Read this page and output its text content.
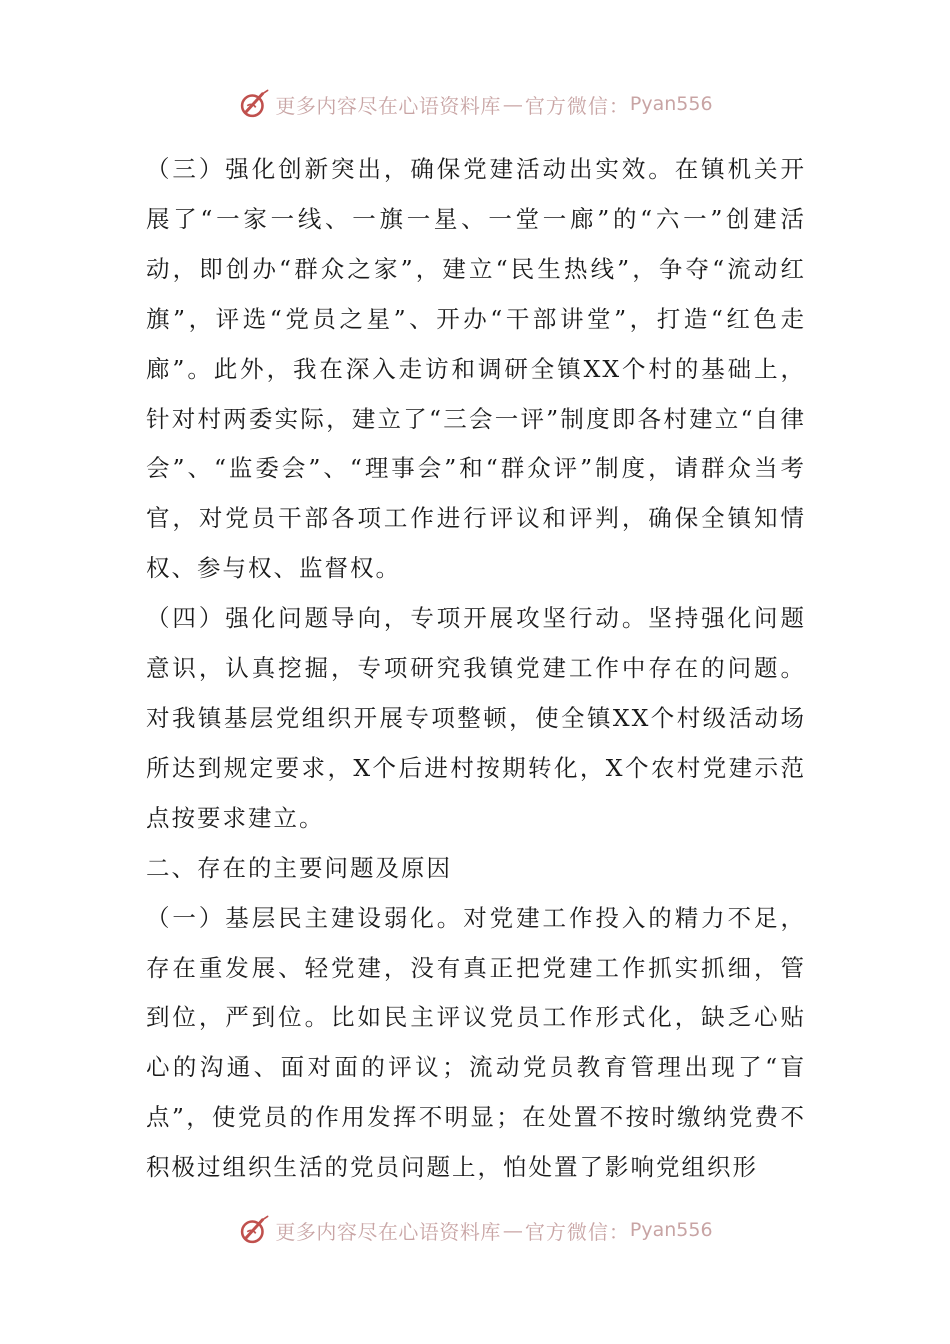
更多内容尽在心语资料库 — 官方微信： Pyan556

（三）强化创新突出，确保党建活动出实效。在镇机关开展了“一家一线、一旗一星、一堂一廊”的“六一”创建活动，即创办“群众之家”，建立“民生热线”，争夺“流动红旗”，评选“党员之星”、开办“干部讲堂”，打造“红色走廊”。此外，我在深入走访和调研全镇XX个村的基础上，针对村两委实际，建立了“三会一评”制度即各村建立“自律会”、“监委会”、“理事会”和“群众评”制度，请群众当考官，对党员干部各项工作进行评议和评判，确保全镇知情权、参与权、监督权。

（四）强化问题导向，专项开展攻坚行动。坚持强化问题意识，认真挖掘，专项研究我镇党建工作中存在的问题。对我镇基层党组织开展专项整顿，使全镇XX个村级活动场所达到规定要求，X个后进村按期转化，X个农村党建示范点按要求建立。

二、存在的主要问题及原因

（一）基层民主建设弱化。对党建工作投入的精力不足，存在重发展、轻党建，没有真正把党建工作抓实抓细，管到位，严到位。比如民主评议党员工作形式化，缺乏心贴心的沟通、面对面的评议；流动党员教育管理出现了“盲点”，使党员的作用发挥不明显；在处置不按时缴纳党费不积极过组织生活的党员问题上，怕处置了影响党组织形

更多内容尽在心语资料库 — 官方微信： Pyan556
